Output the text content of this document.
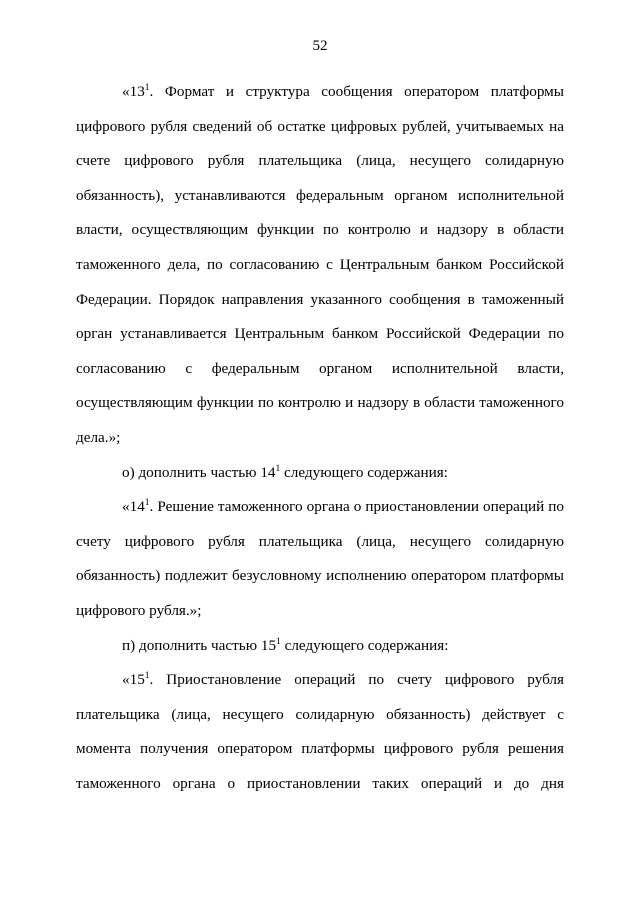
52

«$13^1$. Формат и структура сообщения оператором платформы цифрового рубля сведений об остатке цифровых рублей, учитываемых на счете цифрового рубля плательщика (лица, несущего солидарную обязанность), устанавливаются федеральным органом исполнительной власти, осуществляющим функции по контролю и надзору в области таможенного дела, по согласованию с Центральным банком Российской Федерации. Порядок направления указанного сообщения в таможенный орган устанавливается Центральным банком Российской Федерации по согласованию с федеральным органом исполнительной власти, осуществляющим функции по контролю и надзору в области таможенного дела.»;

о) дополнить частью $14^1$ следующего содержания:

«$14^1$. Решение таможенного органа о приостановлении операций по счету цифрового рубля плательщика (лица, несущего солидарную обязанность) подлежит безусловному исполнению оператором платформы цифрового рубля.»;

п) дополнить частью $15^1$ следующего содержания:

«$15^1$. Приостановление операций по счету цифрового рубля плательщика (лица, несущего солидарную обязанность) действует с момента получения оператором платформы цифрового рубля решения таможенного органа о приостановлении таких операций и до дня
